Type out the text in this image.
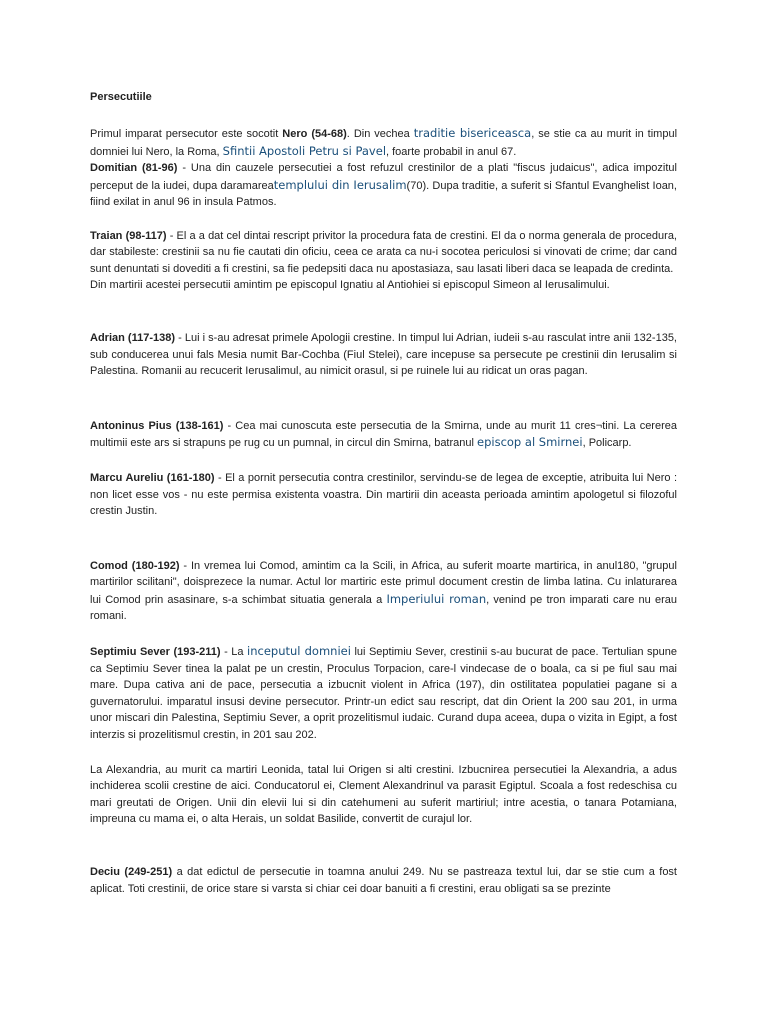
Persecutiile

Primul imparat persecutor este socotit Nero (54-68). Din vechea traditie bisericeasca, se stie ca au murit in timpul domniei lui Nero, la Roma, Sfintii Apostoli Petru si Pavel, foarte probabil in anul 67.

Domitian (81-96) - Una din cauzele persecutiei a fost refuzul crestinilor de a plati "fiscus judaicus", adica impozitul perceput de la iudei, dupa daramareatemplului din Ierusalim(70). Dupa traditie, a suferit si Sfantul Evanghelist Ioan, fiind exilat in anul 96 in insula Patmos.

Traian (98-117) - El a a dat cel dintai rescript privitor la procedura fata de crestini. El da o norma generala de procedura, dar stabileste: crestinii sa nu fie cautati din oficiu, ceea ce arata ca nu-i socotea periculosi si vinovati de crime; dar cand sunt denuntati si dovediti a fi crestini, sa fie pedepsiti daca nu apostasiaza, sau lasati liberi daca se leapada de credinta.
Din martirii acestei persecutii amintim pe episcopul Ignatiu al Antiohiei si episcopul Simeon al Ierusalimului.

Adrian (117-138) - Lui i s-au adresat primele Apologii crestine. In timpul lui Adrian, iudeii s-au rasculat intre anii 132-135, sub conducerea unui fals Mesia numit Bar-Cochba (Fiul Stelei), care incepuse sa persecute pe crestinii din Ierusalim si Palestina. Romanii au recucerit Ierusalimul, au nimicit orasul, si pe ruinele lui au ridicat un oras pagan.

Antoninus Pius (138-161) - Cea mai cunoscuta este persecutia de la Smirna, unde au murit 11 cres¬tini. La cererea multimii este ars si strapuns pe rug cu un pumnal, in circul din Smirna, batranul episcop al Smirnei, Policarp.

Marcu Aureliu (161-180) - El a pornit persecutia contra crestinilor, servindu-se de legea de exceptie, atribuita lui Nero : non licet esse vos - nu este permisa existenta voastra. Din martirii din aceasta perioada amintim apologetul si filozoful crestin Justin.

Comod (180-192) - In vremea lui Comod, amintim ca la Scili, in Africa, au suferit moarte martirica, in anul180, "grupul martirilor scilitani", doisprezece la numar. Actul lor martiric este primul document crestin de limba latina. Cu inlaturarea lui Comod prin asasinare, s-a schimbat situatia generala a Imperiului roman, venind pe tron imparati care nu erau romani.

Septimiu Sever (193-211) - La inceputul domniei lui Septimiu Sever, crestinii s-au bucurat de pace. Tertulian spune ca Septimiu Sever tinea la palat pe un crestin, Proculus Torpacion, care-l vindecase de o boala, ca si pe fiul sau mai mare. Dupa cativa ani de pace, persecutia a izbucnit violent in Africa (197), din ostilitatea populatiei pagane si a guvernatorului. imparatul insusi devine persecutor. Printr-un edict sau rescript, dat din Orient la 200 sau 201, in urma unor miscari din Palestina, Septimiu Sever, a oprit prozelitismul iudaic. Curand dupa aceea, dupa o vizita in Egipt, a fost interzis si prozelitismul crestin, in 201 sau 202.

La Alexandria, au murit ca martiri Leonida, tatal lui Origen si alti crestini. Izbucnirea persecutiei la Alexandria, a adus inchiderea scolii crestine de aici. Conducatorul ei, Clement Alexandrinul va parasit Egiptul. Scoala a fost redeschisa cu mari greutati de Origen. Unii din elevii lui si din catehumeni au suferit martiriul; intre acestia, o tanara Potamiana, impreuna cu mama ei, o alta Herais, un soldat Basilide, convertit de curajul lor.

Deciu (249-251) a dat edictul de persecutie in toamna anului 249. Nu se pastreaza textul lui, dar se stie cum a fost aplicat. Toti crestinii, de orice stare si varsta si chiar cei doar banuiti a fi crestini, erau obligati sa se prezinte
